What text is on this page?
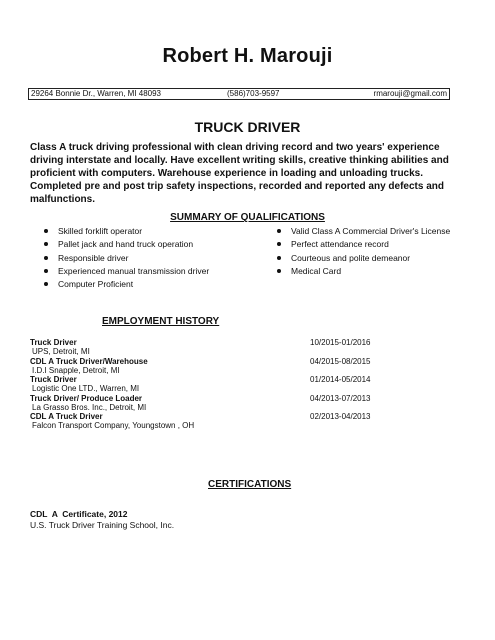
Robert H. Marouji
29264 Bonnie Dr., Warren, MI 48093	(586)703-9597	rmarouji@gmail.com
TRUCK DRIVER
Class A truck driving professional with clean driving record and two years' experience driving interstate and locally. Have excellent writing skills, creative thinking abilities and proficient with computers. Warehouse experience in loading and unloading trucks. Completed pre and post trip safety inspections, recorded and reported any defects and malfunctions.
SUMMARY OF QUALIFICATIONS
Skilled forklift operator
Pallet jack and hand truck operation
Responsible driver
Experienced manual transmission driver
Computer Proficient
Valid Class A Commercial Driver's License
Perfect attendance record
Courteous and polite demeanor
Medical Card
EMPLOYMENT HISTORY
Truck Driver	10/2015-01/2016
UPS, Detroit, MI
CDL A Truck Driver/Warehouse	04/2015-08/2015
I.D.I Snapple, Detroit, MI
Truck Driver	01/2014-05/2014
Logistic One LTD., Warren, MI
Truck Driver/ Produce Loader	04/2013-07/2013
La Grasso Bros. Inc., Detroit, MI
CDL A Truck Driver	02/2013-04/2013
Falcon Transport Company, Youngstown , OH
CERTIFICATIONS
CDL  A  Certificate, 2012
U.S. Truck Driver Training School, Inc.
